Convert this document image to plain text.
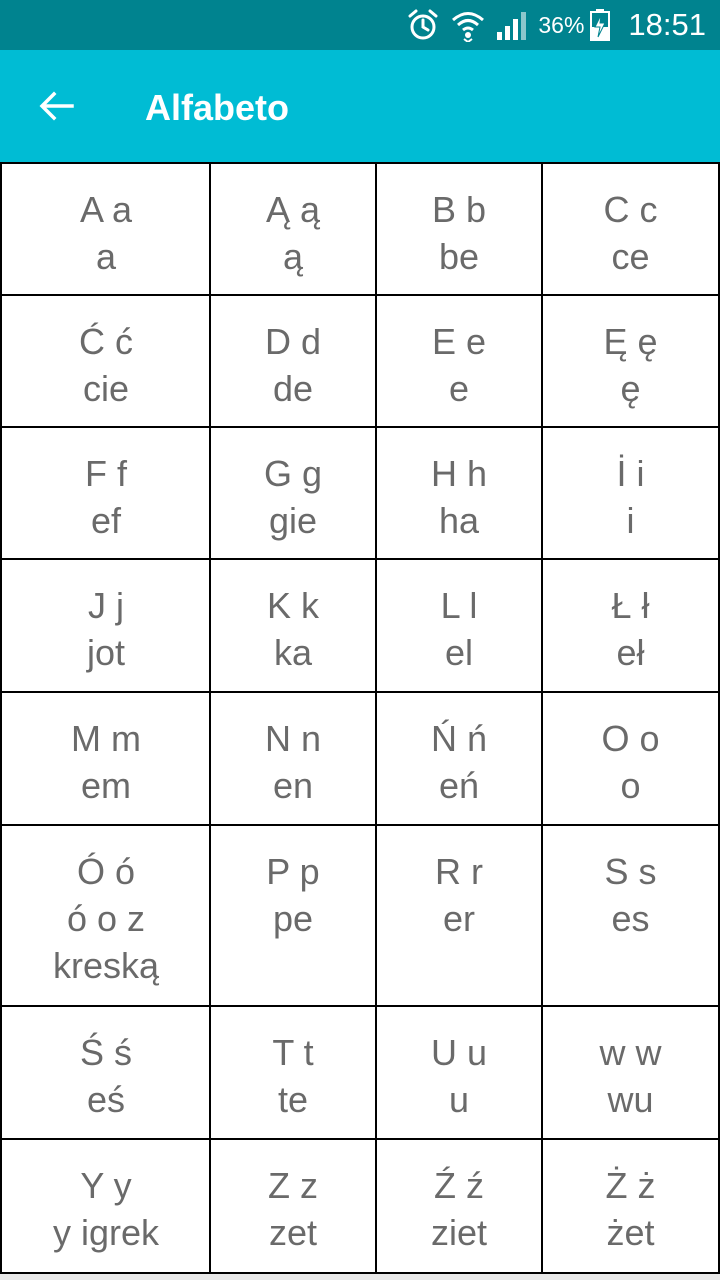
36% 18:51
Alfabeto
A a
a
Ą ą
ą
B b
be
C c
ce
Ć ć
cie
D d
de
E e
e
Ę ę
ę
F f
ef
G g
gie
H h
ha
İ i
i
J j
jot
K k
ka
L l
el
Ł ł
eł
M m
em
N n
en
Ń ń
eń
O o
o
Ó ó
ó o z
kreską
P p
pe
R r
er
S s
es
Ś ś
eś
T t
te
U u
u
w w
wu
Y y
y igrek
Z z
zet
Ź ź
ziet
Ż ż
żet
